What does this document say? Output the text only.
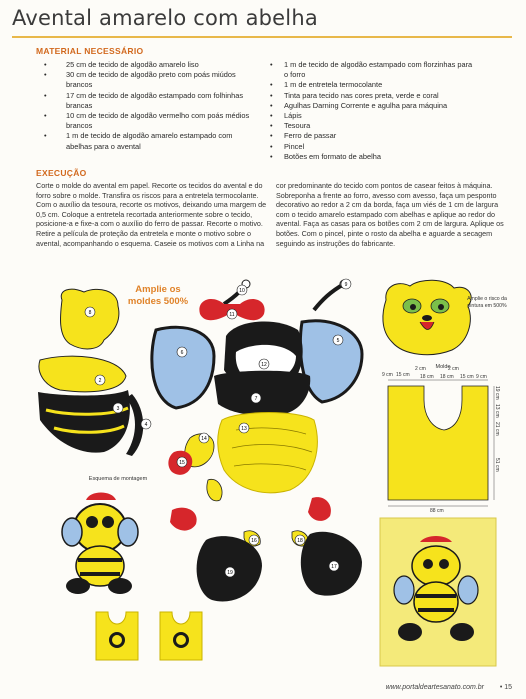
Avental amarelo com abelha
MATERIAL NECESSÁRIO
• 25 cm de tecido de algodão amarelo liso
• 30 cm de tecido de algodão preto com poás miúdos brancos
• 17 cm de tecido de algodão estampado com folhinhas brancas
• 10 cm de tecido de algodão vermelho com poás médios brancos
• 1 m de tecido de algodão amarelo estampado com abelhas para o avental
• 1 m de tecido de algodão estampado com florzinhas para o forro
• 1 m de entretela termocolante
• Tinta para tecido nas cores preta, verde e coral
• Agulhas Darning Corrente e agulha para máquina
• Lápis
• Tesoura
• Ferro de passar
• Pincel
• Botões em formato de abelha
EXECUÇÃO
Corte o molde do avental em papel. Recorte os tecidos do avental e do forro sobre o molde. Transfira os riscos para a entretela termocolante. Com o auxílio da tesoura, recorte os motivos, deixando uma margem de 0,5 cm. Coloque a entretela recortada anteriormente sobre o tecido, posicione-a e fixe-a com o auxílio do ferro de passar. Recorte o motivo. Retire a película de proteção da entretela e monte o motivo sobre o avental, acompanhando o esquema. Caseie os motivos com a Linha na
cor predominante do tecido com pontos de casear feitos à máquina. Sobreponha a frente ao forro, avesso com avesso, faça um pesponto decorativo ao redor a 2 cm da borda, faça um viés de 1 cm de largura com o tecido amarelo estampado com abelhas e aplique ao redor do avental. Faça as casas para os botões com 2 cm de largura. Aplique os botões. Com o pincel, pinte o rosto da abelha e aguarde a secagem seguindo as instruções do fabricante.
8
2
3
4
6
5
10
9
11
12
7
14
13
15
16	18
19
17
Amplie os moldes 500%	Amplie o risco da pintura em 500%
Molde
9 cm 15 cm
2 cm
18 cm
2 cm
18 cm 15 cm 9 cm
19 cm
13 cm
21 cm
51 cm
88 cm
Esquema de montagem
www.portaldeartesanato.com.br • 15
